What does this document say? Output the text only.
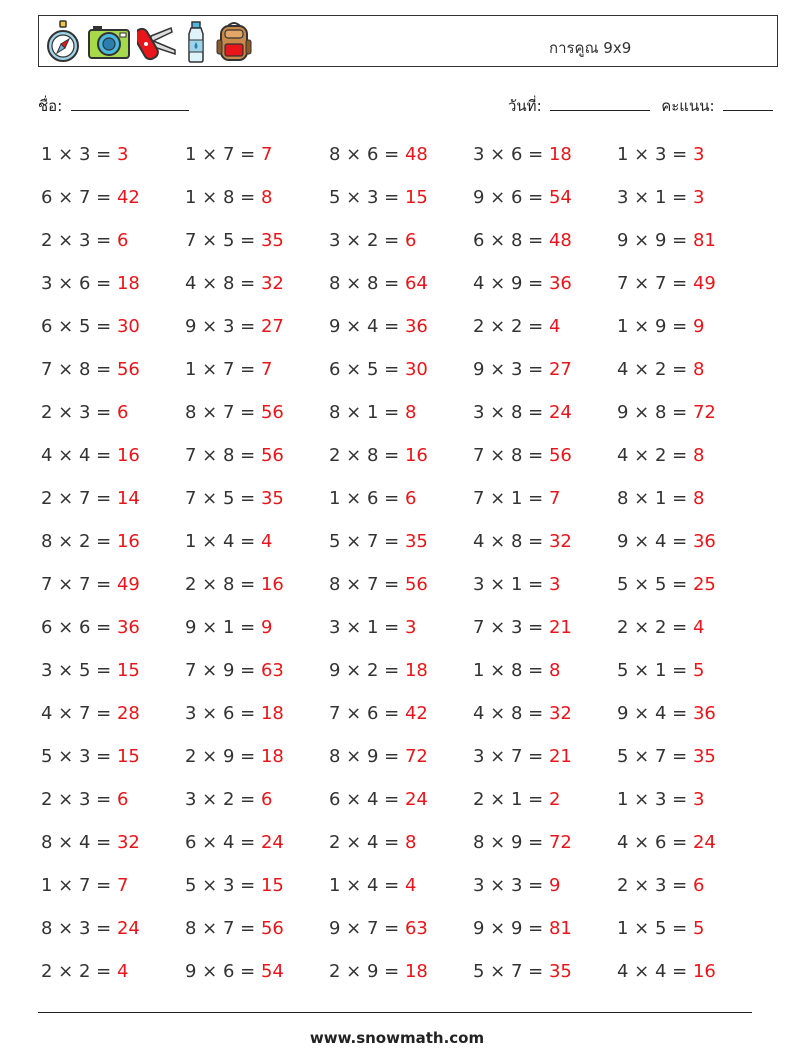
การคูณ 9x9
ชื่อ:	วันที่:	คะแนน:
1 × 3 = 3
6 × 7 = 42
2 × 3 = 6
3 × 6 = 18
6 × 5 = 30
7 × 8 = 56
2 × 3 = 6
4 × 4 = 16
2 × 7 = 14
8 × 2 = 16
7 × 7 = 49
6 × 6 = 36
3 × 5 = 15
4 × 7 = 28
5 × 3 = 15
2 × 3 = 6
8 × 4 = 32
1 × 7 = 7
8 × 3 = 24
2 × 2 = 4
1 × 7 = 7
1 × 8 = 8
7 × 5 = 35
4 × 8 = 32
9 × 3 = 27
1 × 7 = 7
8 × 7 = 56
7 × 8 = 56
7 × 5 = 35
1 × 4 = 4
2 × 8 = 16
9 × 1 = 9
7 × 9 = 63
3 × 6 = 18
2 × 9 = 18
3 × 2 = 6
6 × 4 = 24
5 × 3 = 15
8 × 7 = 56
9 × 6 = 54
8 × 6 = 48
5 × 3 = 15
3 × 2 = 6
8 × 8 = 64
9 × 4 = 36
6 × 5 = 30
8 × 1 = 8
2 × 8 = 16
1 × 6 = 6
5 × 7 = 35
8 × 7 = 56
3 × 1 = 3
9 × 2 = 18
7 × 6 = 42
8 × 9 = 72
6 × 4 = 24
2 × 4 = 8
1 × 4 = 4
9 × 7 = 63
2 × 9 = 18
3 × 6 = 18
9 × 6 = 54
6 × 8 = 48
4 × 9 = 36
2 × 2 = 4
9 × 3 = 27
3 × 8 = 24
7 × 8 = 56
7 × 1 = 7
4 × 8 = 32
3 × 1 = 3
7 × 3 = 21
1 × 8 = 8
4 × 8 = 32
3 × 7 = 21
2 × 1 = 2
8 × 9 = 72
3 × 3 = 9
9 × 9 = 81
5 × 7 = 35
1 × 3 = 3
3 × 1 = 3
9 × 9 = 81
7 × 7 = 49
1 × 9 = 9
4 × 2 = 8
9 × 8 = 72
4 × 2 = 8
8 × 1 = 8
9 × 4 = 36
5 × 5 = 25
2 × 2 = 4
5 × 1 = 5
9 × 4 = 36
5 × 7 = 35
1 × 3 = 3
4 × 6 = 24
2 × 3 = 6
1 × 5 = 5
4 × 4 = 16
www.snowmath.com
